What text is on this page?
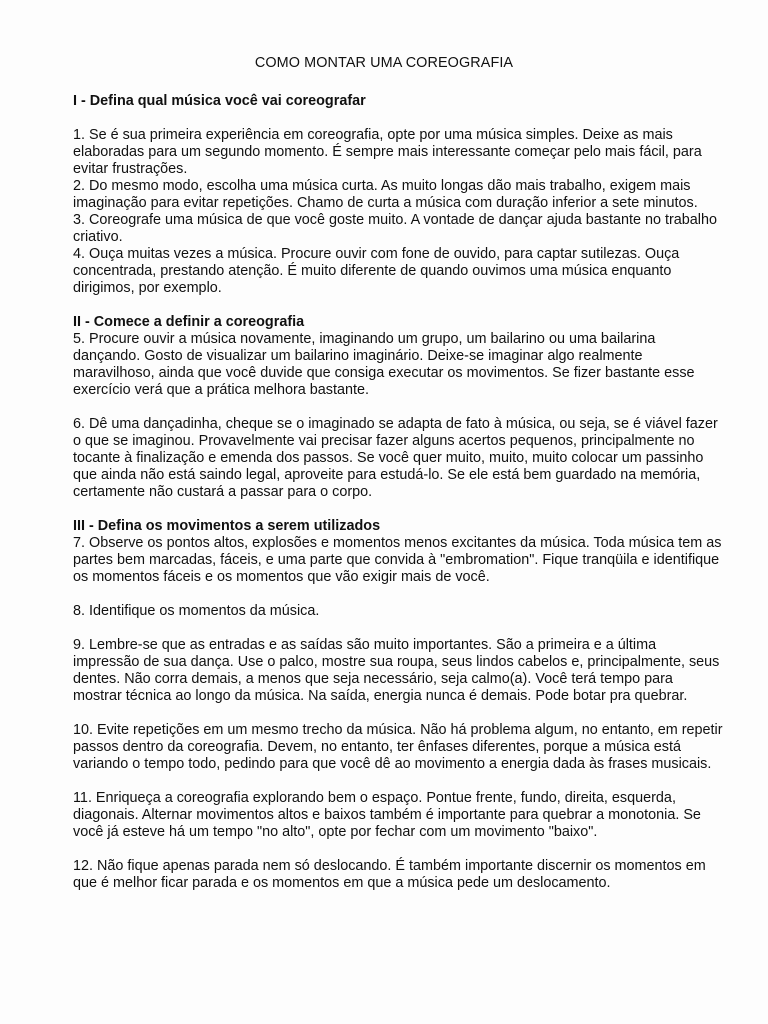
COMO MONTAR UMA COREOGRAFIA

I - Defina qual música você vai coreografar

1. Se é sua primeira experiência em coreografia, opte por uma música simples. Deixe as mais elaboradas para um segundo momento. É sempre mais interessante começar pelo mais fácil, para evitar frustrações.

2. Do mesmo modo, escolha uma música curta. As muito longas dão mais trabalho, exigem mais imaginação para evitar repetições. Chamo de curta a música com duração inferior a sete minutos.

3. Coreografe uma música de que você goste muito. A vontade de dançar ajuda bastante no trabalho criativo.

4. Ouça muitas vezes a música. Procure ouvir com fone de ouvido, para captar sutilezas. Ouça concentrada, prestando atenção. É muito diferente de quando ouvimos uma música enquanto dirigimos, por exemplo.

II - Comece a definir a coreografia

5. Procure ouvir a música novamente, imaginando um grupo, um bailarino ou uma bailarina dançando. Gosto de visualizar um bailarino imaginário. Deixe-se imaginar algo realmente maravilhoso, ainda que você duvide que consiga executar os movimentos. Se fizer bastante esse exercício verá que a prática melhora bastante.

6. Dê uma dançadinha, cheque se o imaginado se adapta de fato à música, ou seja, se é viável fazer o que se imaginou. Provavelmente vai precisar fazer alguns acertos pequenos, principalmente no tocante à finalização e emenda dos passos. Se você quer muito, muito, muito colocar um passinho que ainda não está saindo legal, aproveite para estudá-lo. Se ele está bem guardado na memória, certamente não custará a passar para o corpo.

III - Defina os movimentos a serem utilizados

7. Observe os pontos altos, explosões e momentos menos excitantes da música. Toda música tem as partes bem marcadas, fáceis, e uma parte que convida à "embromation". Fique tranqüila e identifique os momentos fáceis e os momentos que vão exigir mais de você.

8. Identifique os momentos da música.

9. Lembre-se que as entradas e as saídas são muito importantes. São a primeira e a última impressão de sua dança. Use o palco, mostre sua roupa, seus lindos cabelos e, principalmente, seus dentes. Não corra demais, a menos que seja necessário, seja calmo(a). Você terá tempo para mostrar técnica ao longo da música. Na saída, energia nunca é demais. Pode botar pra quebrar.

10. Evite repetições em um mesmo trecho da música. Não há problema algum, no entanto, em repetir passos dentro da coreografia. Devem, no entanto, ter ênfases diferentes, porque a música está variando o tempo todo, pedindo para que você dê ao movimento a energia dada às frases musicais.

11. Enriqueça a coreografia explorando bem o espaço. Pontue frente, fundo, direita, esquerda, diagonais. Alternar movimentos altos e baixos também é importante para quebrar a monotonia. Se você já esteve há um tempo "no alto", opte por fechar com um movimento "baixo".

12. Não fique apenas parada nem só deslocando. É também importante discernir os momentos em que é melhor ficar parada e os momentos em que a música pede um deslocamento.
